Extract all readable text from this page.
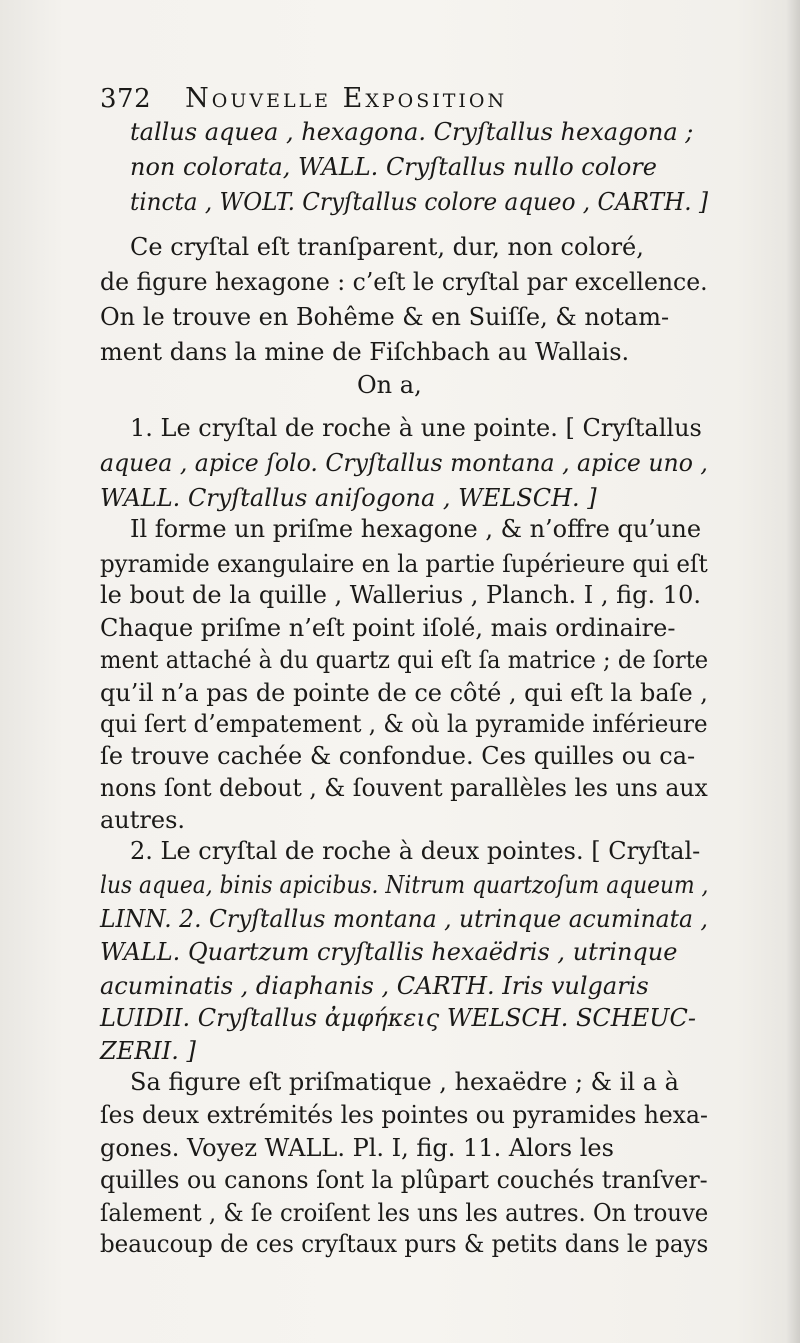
372 Nouvelle Exposition
tallus aquea , hexagona. Cryſtallus hexagona ;
non colorata, WALL. Cryſtallus nullo colore
tincta , WOLT. Cryſtallus colore aqueo , CARTH. ]
Ce cryſtal eſt tranſparent, dur, non coloré,
de figure hexagone : c’eſt le cryſtal par excellence.
On le trouve en Bohême & en Suiſſe, & notam-
ment dans la mine de Fiſchbach au Wallais.
On a,
1. Le cryſtal de roche à une pointe. [ Cryſtallus
aquea , apice ſolo. Cryſtallus montana , apice uno ,
WALL. Cryſtallus aniſogona , WELSCH. ]
Il forme un priſme hexagone , & n’offre qu’une
pyramide exangulaire en la partie ſupérieure qui eſt
le bout de la quille , Wallerius , Planch. I , fig. 10.
Chaque priſme n’eſt point iſolé, mais ordinaire-
ment attaché à du quartz qui eſt ſa matrice ; de ſorte
qu’il n’a pas de pointe de ce côté , qui eſt la baſe ,
qui ſert d’empatement , & où la pyramide inférieure
ſe trouve cachée & confondue. Ces quilles ou ca-
nons ſont debout , & ſouvent parallèles les uns aux
autres.
2. Le cryſtal de roche à deux pointes. [ Cryſtal-
lus aquea, binis apicibus. Nitrum quartzoſum aqueum ,
LINN. 2. Cryſtallus montana , utrinque acuminata ,
WALL. Quartzum cryſtallis hexaëdris , utrinque
acuminatis , diaphanis , CARTH. Iris vulgaris
LUIDII. Cryſtallus ἀμφήκεις WELSCH. SCHEUC-
ZERII. ]
Sa figure eſt priſmatique , hexaëdre ; & il a à
ſes deux extrémités les pointes ou pyramides hexa-
gones. Voyez WALL. Pl. I, fig. 11. Alors les
quilles ou canons ſont la plûpart couchés tranſver-
ſalement , & ſe croiſent les uns les autres. On trouve
beaucoup de ces cryſtaux purs & petits dans le pays
